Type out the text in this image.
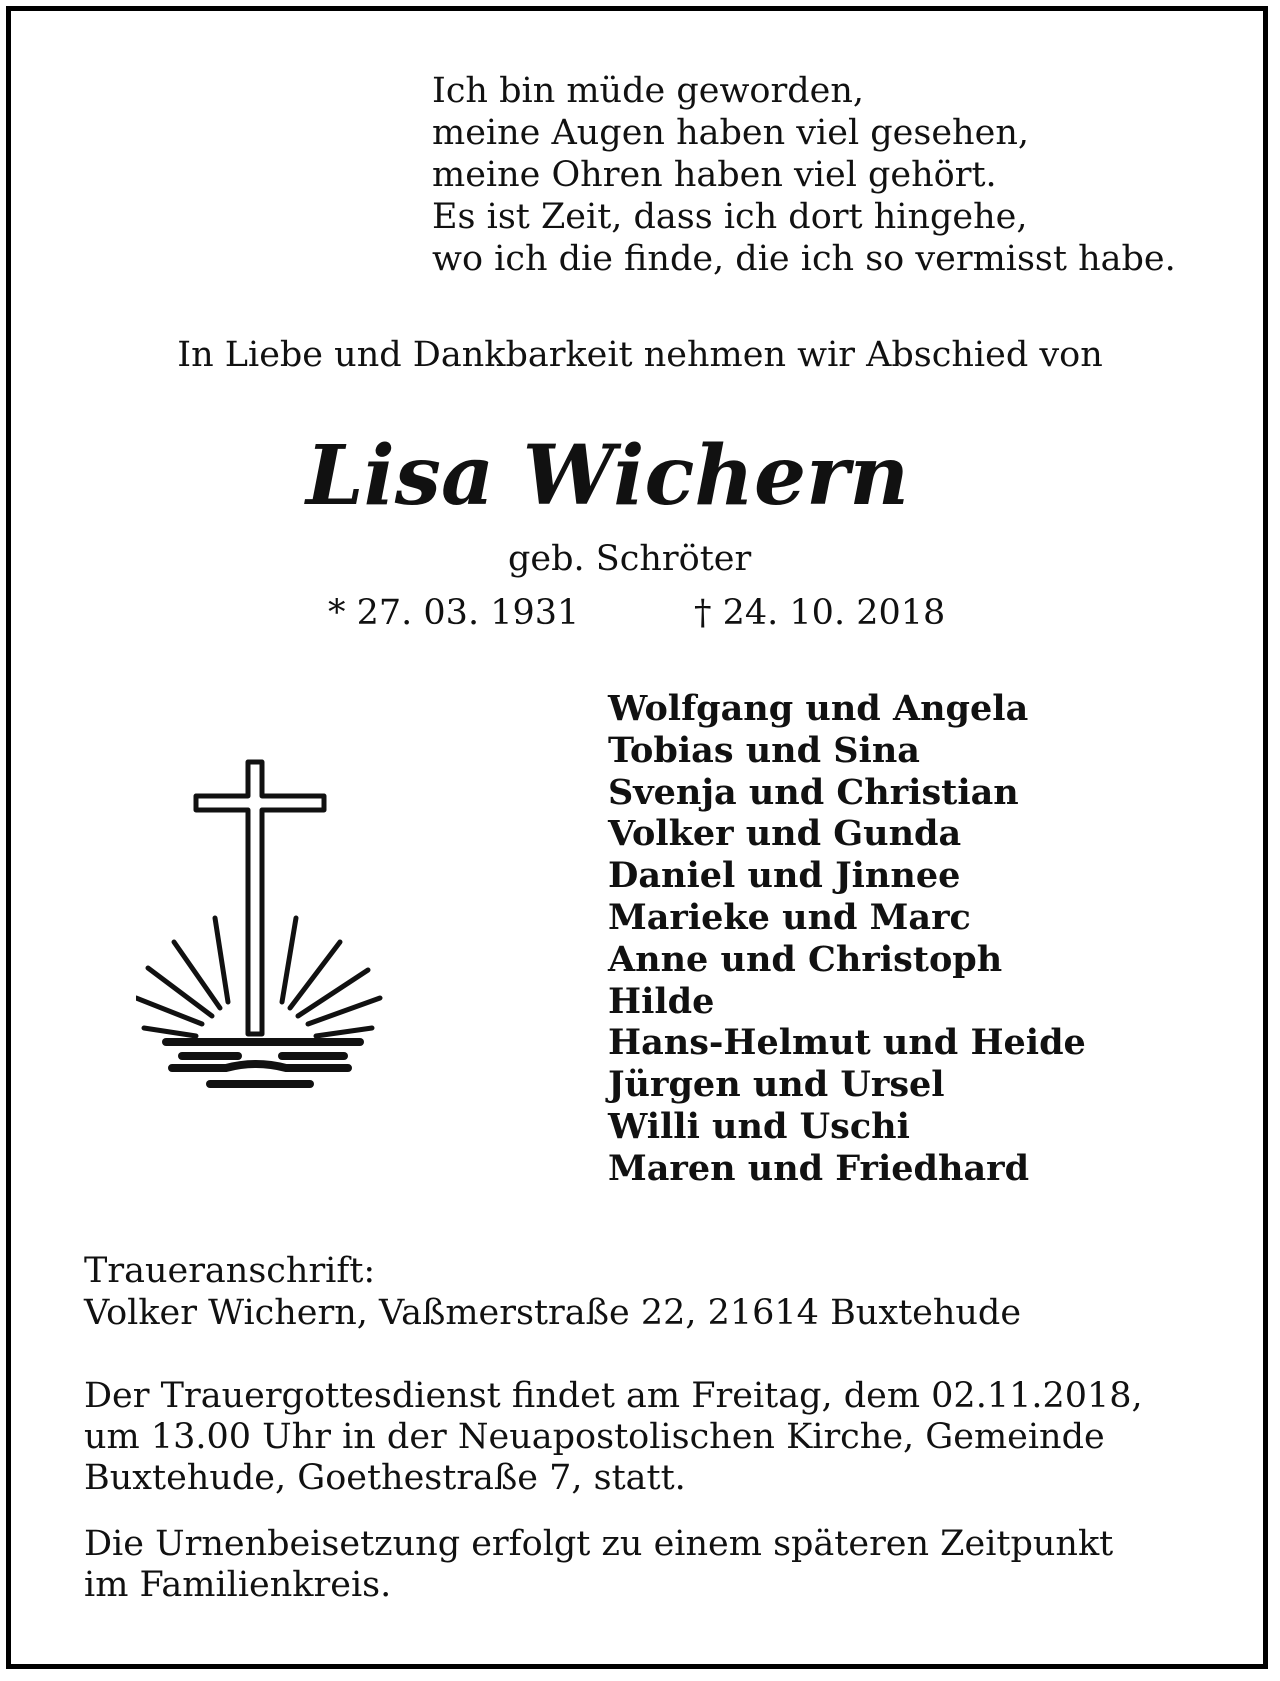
Ich bin müde geworden,
meine Augen haben viel gesehen,
meine Ohren haben viel gehört.
Es ist Zeit, dass ich dort hingehe,
wo ich die finde, die ich so vermisst habe.
In Liebe und Dankbarkeit nehmen wir Abschied von
Lisa Wichern
geb. Schröter
* 27. 03. 1931	† 24. 10. 2018
Wolfgang und Angela
Tobias und Sina
Svenja und Christian
Volker und Gunda
Daniel und Jinnee
Marieke und Marc
Anne und Christoph
Hilde
Hans-Helmut und Heide
Jürgen und Ursel
Willi und Uschi
Maren und Friedhard
Traueranschrift:
Volker Wichern, Vaßmerstraße 22, 21614 Buxtehude
Der Trauergottesdienst findet am Freitag, dem 02.11.2018,
um 13.00 Uhr in der Neuapostolischen Kirche, Gemeinde
Buxtehude, Goethestraße 7, statt.
Die Urnenbeisetzung erfolgt zu einem späteren Zeitpunkt
im Familienkreis.
